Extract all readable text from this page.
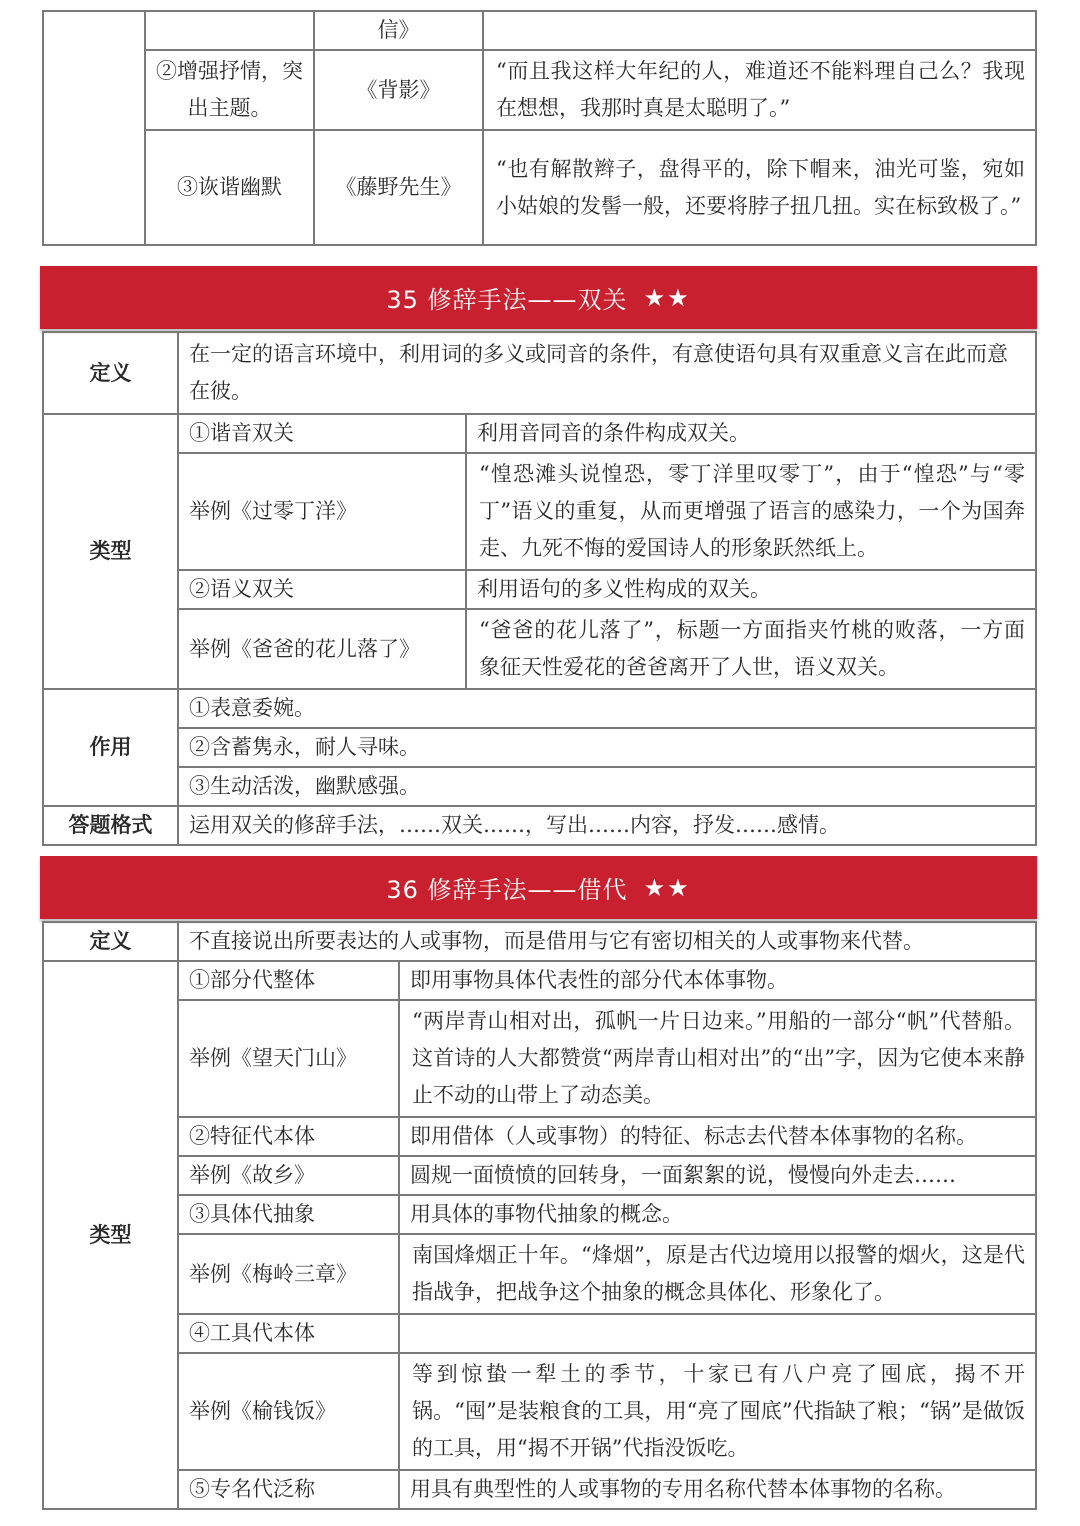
		信》	
	②增强抒情，突出主题。	《背影》	“而且我这样大年纪的人，难道还不能料理自己么？我现在想想，我那时真是太聪明了。”
	③诙谐幽默	《藤野先生》	“也有解散辫子，盘得平的，除下帽来，油光可鉴，宛如小姑娘的发髻一般，还要将脖子扭几扭。实在标致极了。”
35 修辞手法——双关 ★★
定义	在一定的语言环境中，利用词的多义或同音的条件，有意使语句具有双重意义言在此而意在彼。	
类型	①谐音双关	利用音同音的条件构成双关。
	举例《过零丁洋》	“惶恐滩头说惶恐，零丁洋里叹零丁”，由于“惶恐”与“零丁”语义的重复，从而更增强了语言的感染力，一个为国奔走、九死不悔的爱国诗人的形象跃然纸上。
	②语义双关	利用语句的多义性构成的双关。
	举例《爸爸的花儿落了》	“爸爸的花儿落了”，标题一方面指夹竹桃的败落，一方面象征天性爱花的爸爸离开了人世，语义双关。
作用	①表意委婉。	
	②含蓄隽永，耐人寻味。	
	③生动活泼，幽默感强。	
答题格式	运用双关的修辞手法，……双关……，写出……内容，抒发……感情。	
36 修辞手法——借代 ★★
定义	不直接说出所要表达的人或事物，而是借用与它有密切相关的人或事物来代替。	
类型	①部分代整体	即用事物具体代表性的部分代本体事物。
	举例《望天门山》	“两岸青山相对出，孤帆一片日边来。”用船的一部分“帆”代替船。这首诗的人大都赞赏“两岸青山相对出”的“出”字，因为它使本来静止不动的山带上了动态美。
	②特征代本体	即用借体（人或事物）的特征、标志去代替本体事物的名称。
	举例《故乡》	圆规一面愤愤的回转身，一面絮絮的说，慢慢向外走去……
	③具体代抽象	用具体的事物代抽象的概念。
	举例《梅岭三章》	南国烽烟正十年。“烽烟”，原是古代边境用以报警的烟火，这是代指战争，把战争这个抽象的概念具体化、形象化了。
	④工具代本体	
	举例《榆钱饭》	等到惊蛰一犁土的季节，十家已有八户亮了囤底，揭不开锅。“囤”是装粮食的工具，用“亮了囤底”代指缺了粮；“锅”是做饭的工具，用“揭不开锅”代指没饭吃。
	⑤专名代泛称	用具有典型性的人或事物的专用名称代替本体事物的名称。
